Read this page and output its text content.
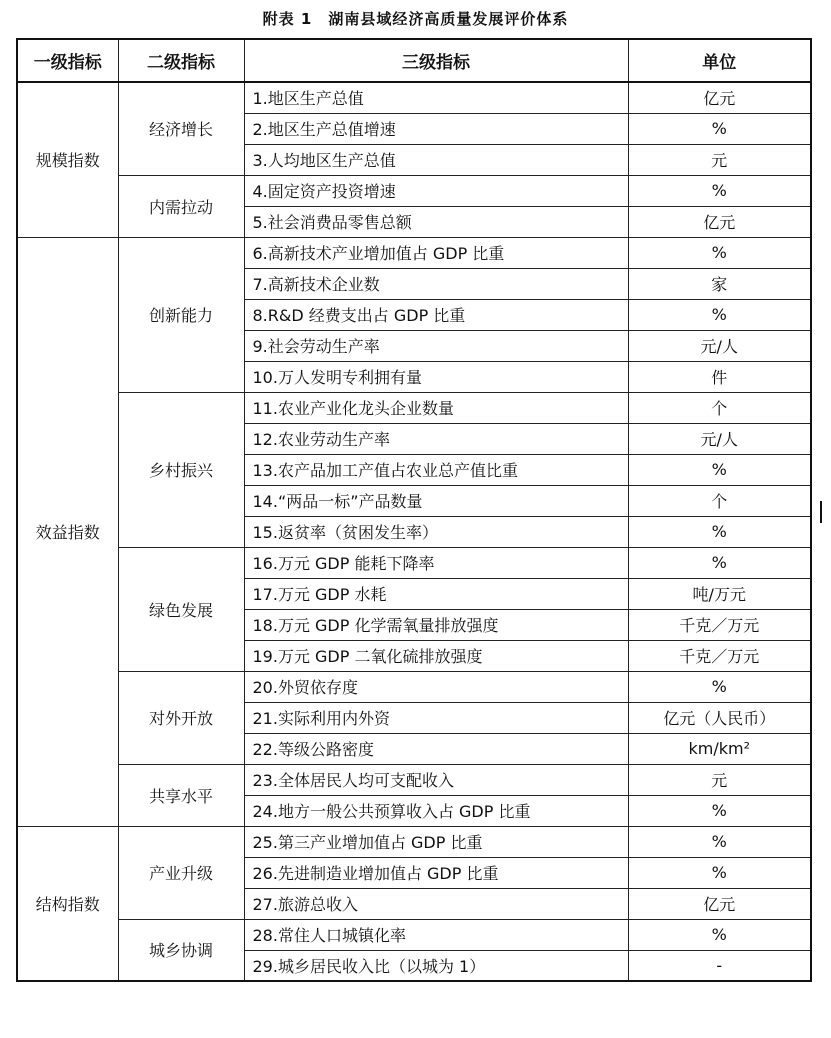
附表 1　湖南县域经济高质量发展评价体系
一级指标	二级指标	三级指标	单位
规模指数	经济增长	1.地区生产总值	亿元
		2.地区生产总值增速	%
		3.人均地区生产总值	元
	内需拉动	4.固定资产投资增速	%
		5.社会消费品零售总额	亿元
效益指数	创新能力	6.高新技术产业增加值占 GDP 比重	%
		7.高新技术企业数	家
		8.R&D 经费支出占 GDP 比重	%
		9.社会劳动生产率	元/人
		10.万人发明专利拥有量	件
	乡村振兴	11.农业产业化龙头企业数量	个
		12.农业劳动生产率	元/人
		13.农产品加工产值占农业总产值比重	%
		14.“两品一标”产品数量	个
		15.返贫率（贫困发生率）	%
	绿色发展	16.万元 GDP 能耗下降率	%
		17.万元 GDP 水耗	吨/万元
		18.万元 GDP 化学需氧量排放强度	千克／万元
		19.万元 GDP 二氧化硫排放强度	千克／万元
	对外开放	20.外贸依存度	%
		21.实际利用内外资	亿元（人民币）
		22.等级公路密度	km/km²
	共享水平	23.全体居民人均可支配收入	元
		24.地方一般公共预算收入占 GDP 比重	%
结构指数	产业升级	25.第三产业增加值占 GDP 比重	%
		26.先进制造业增加值占 GDP 比重	%
		27.旅游总收入	亿元
	城乡协调	28.常住人口城镇化率	%
		29.城乡居民收入比（以城为 1）	-
